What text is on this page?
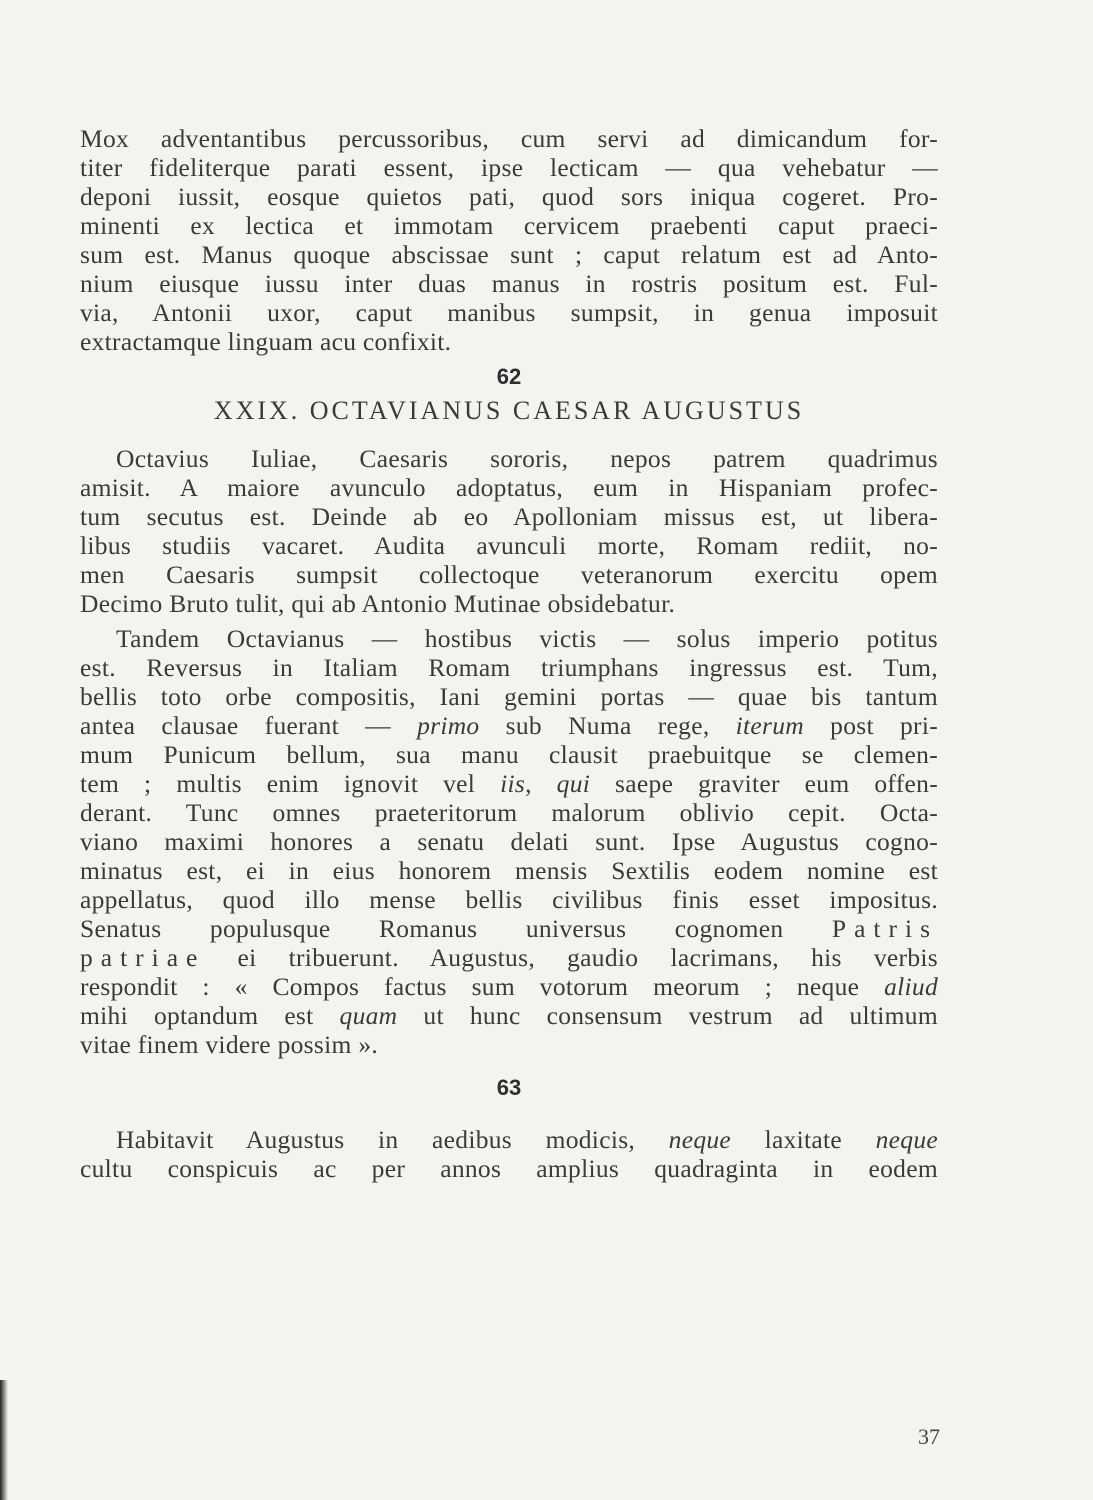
Mox adventantibus percussoribus, cum servi ad dimicandum for-
titer fideliterque parati essent, ipse lecticam — qua vehebatur —
deponi iussit, eosque quietos pati, quod sors iniqua cogeret. Pro-
minenti ex lectica et immotam cervicem praebenti caput praeci-
sum est. Manus quoque abscissae sunt ; caput relatum est ad Anto-
nium eiusque iussu inter duas manus in rostris positum est. Ful-
via, Antonii uxor, caput manibus sumpsit, in genua imposuit
extractamque linguam acu confixit.

62
XXIX. OCTAVIANUS CAESAR AUGUSTUS

Octavius Iuliae, Caesaris sororis, nepos patrem quadrimus
amisit. A maiore avunculo adoptatus, eum in Hispaniam profec-
tum secutus est. Deinde ab eo Apolloniam missus est, ut libera-
libus studiis vacaret. Audita avunculi morte, Romam rediit, no-
men Caesaris sumpsit collectoque veteranorum exercitu opem
Decimo Bruto tulit, qui ab Antonio Mutinae obsidebatur.

Tandem Octavianus — hostibus victis — solus imperio potitus
est. Reversus in Italiam Romam triumphans ingressus est. Tum,
bellis toto orbe compositis, Iani gemini portas — quae bis tantum
antea clausae fuerant — primo sub Numa rege, iterum post pri-
mum Punicum bellum, sua manu clausit praebuitque se clemen-
tem ; multis enim ignovit vel iis, qui saepe graviter eum offen-
derant. Tunc omnes praeteritorum malorum oblivio cepit. Octa-
viano maximi honores a senatu delati sunt. Ipse Augustus cogno-
minatus est, ei in eius honorem mensis Sextilis eodem nomine est
appellatus, quod illo mense bellis civilibus finis esset impositus.
Senatus populusque Romanus universus cognomen Patris
patriae ei tribuerunt. Augustus, gaudio lacrimans, his verbis
respondit : « Compos factus sum votorum meorum ; neque aliud
mihi optandum est quam ut hunc consensum vestrum ad ultimum
vitae finem videre possim ».

63

Habitavit Augustus in aedibus modicis, neque laxitate neque
cultu conspicuis ac per annos amplius quadraginta in eodem

37
